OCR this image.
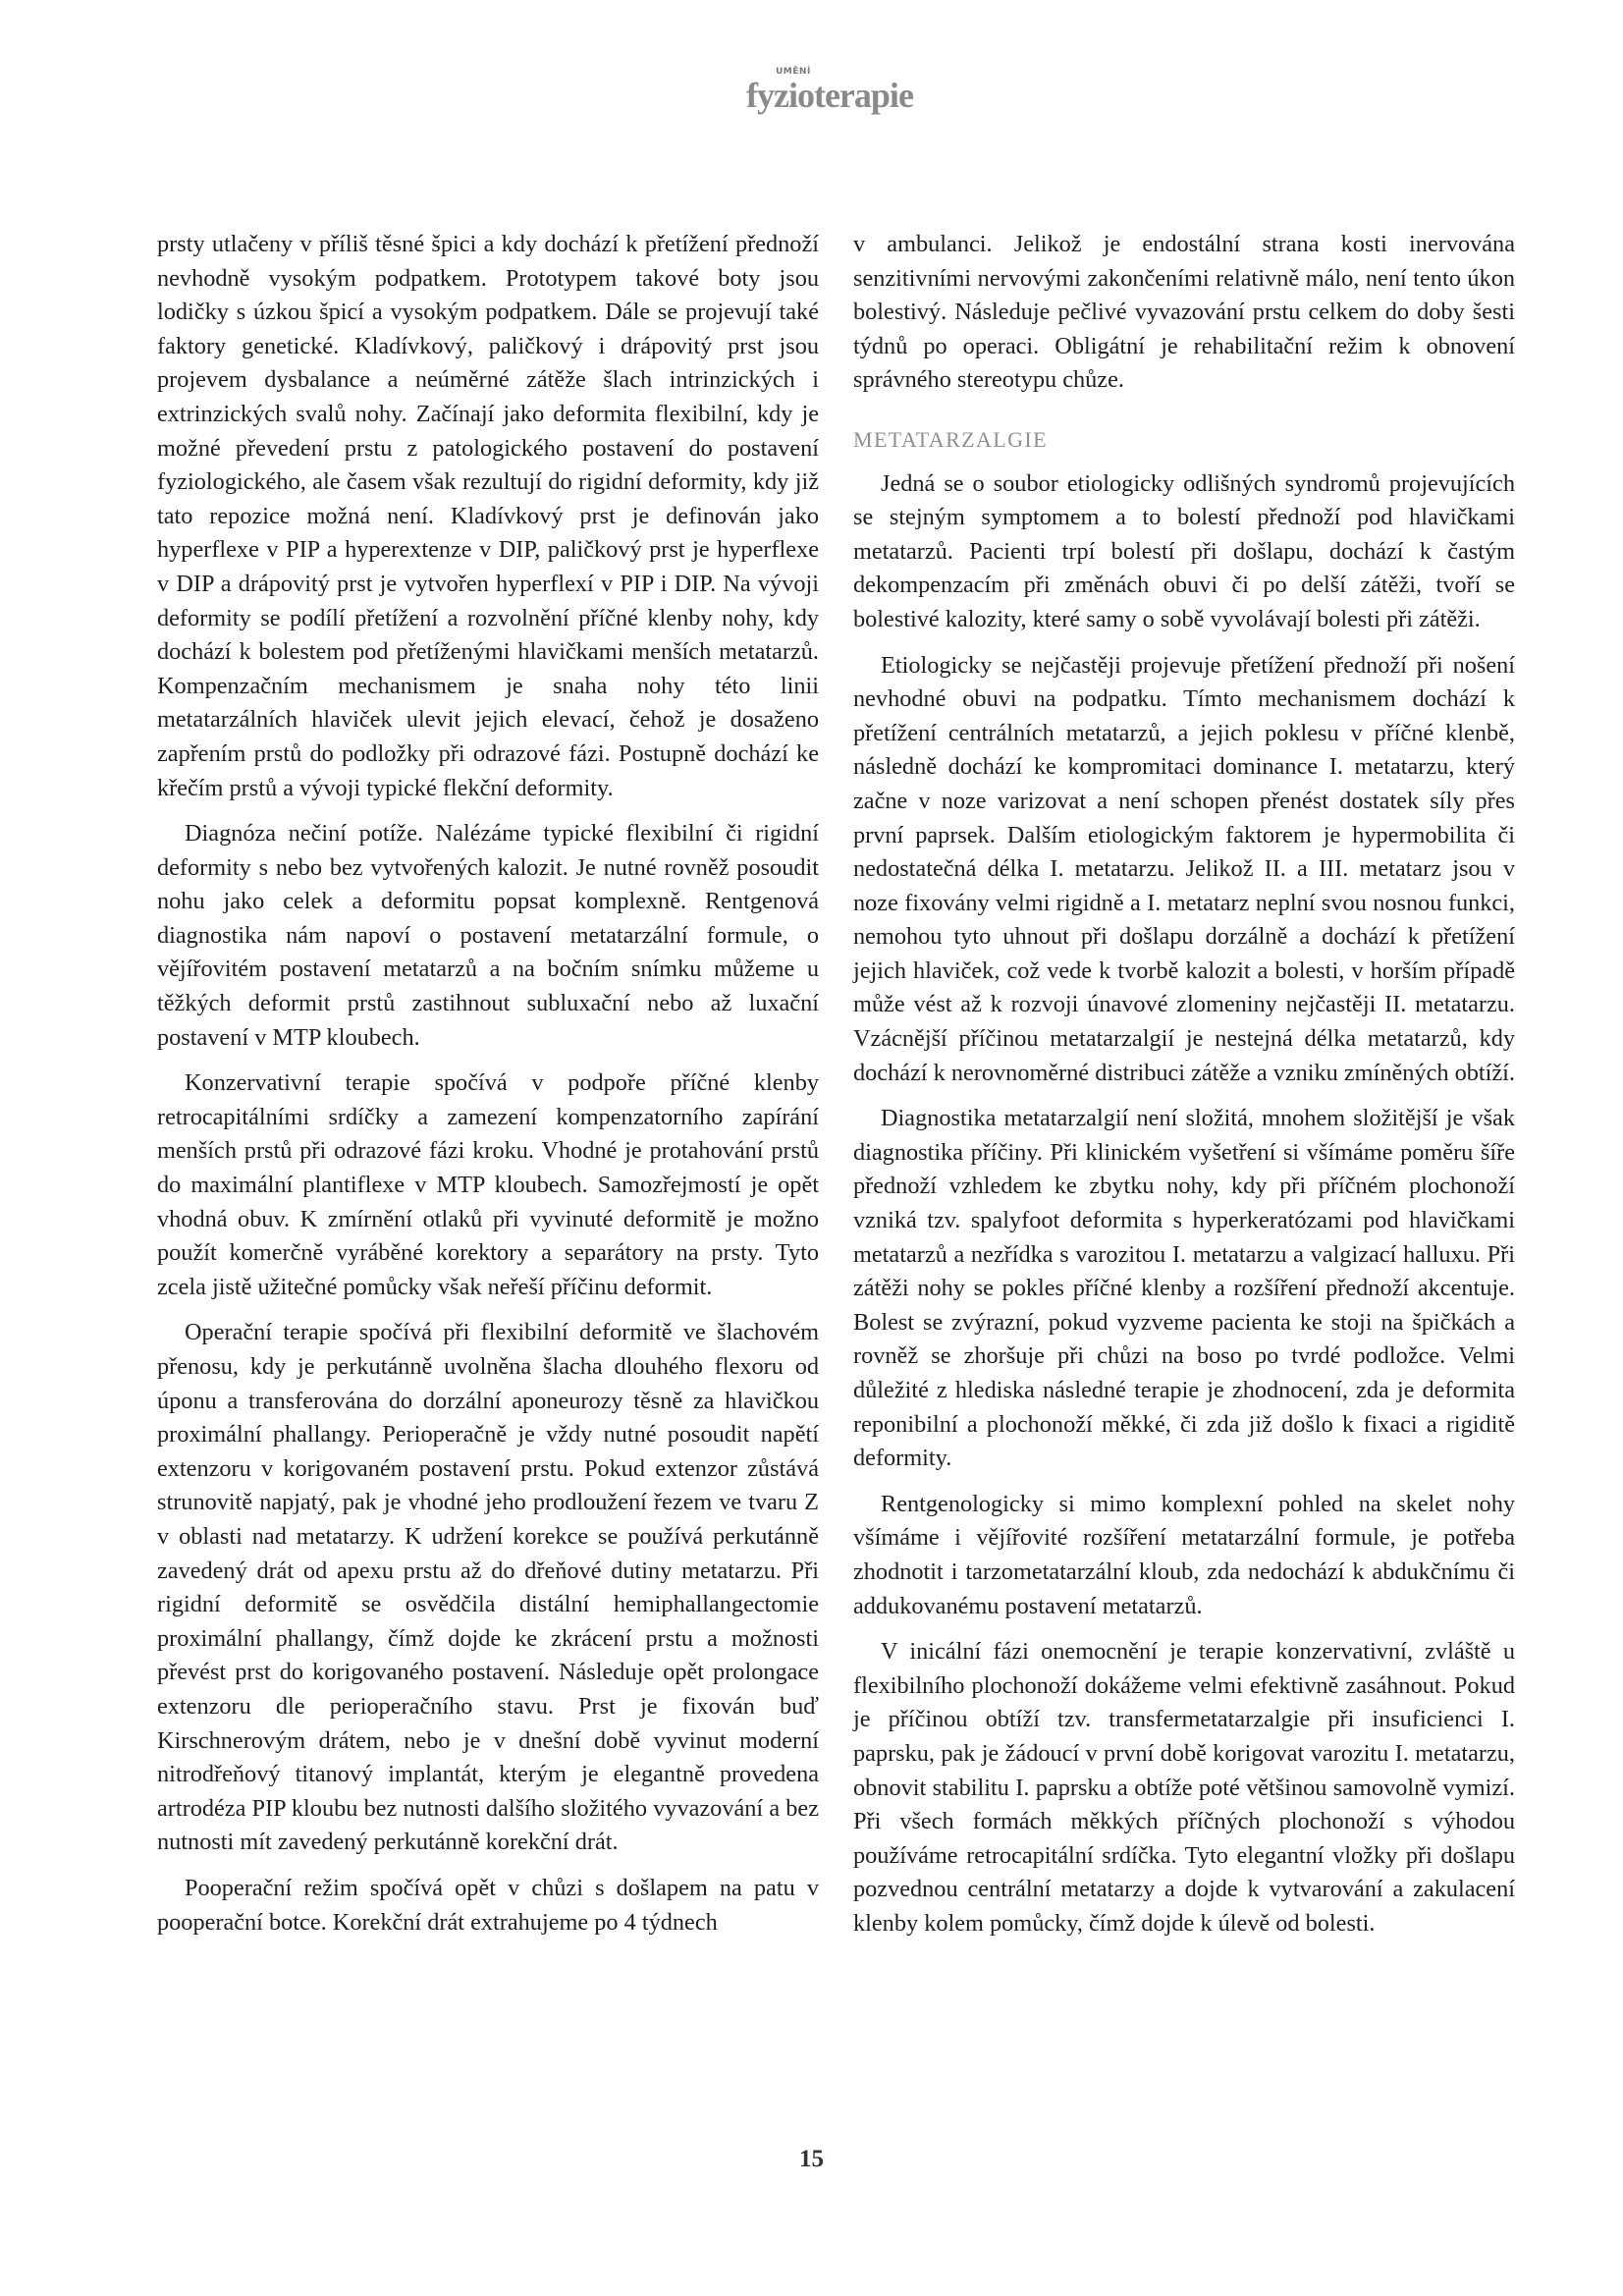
UMĚNÍ
fyzioterapie

prsty utlačeny v příliš těsné špici a kdy dochází k přetížení přednoží nevhodně vysokým podpatkem. Prototypem takové boty jsou lodičky s úzkou špicí a vysokým podpatkem. Dále se projevují také faktory genetické. Kladívkový, paličkový i drápovitý prst jsou projevem dysbalance a neúměrné zátěže šlach intrinzických i extrinzických svalů nohy. Začínají jako deformita flexibilní, kdy je možné převedení prstu z patologického postavení do postavení fyziologického, ale časem však rezultují do rigidní deformity, kdy již tato repozice možná není. Kladívkový prst je definován jako hyperflexe v PIP a hyperextenze v DIP, paličkový prst je hyperflexe v DIP a drápovitý prst je vytvořen hyperflexí v PIP i DIP. Na vývoji deformity se podílí přetížení a rozvolnění příčné klenby nohy, kdy dochází k bolestem pod přetíženými hlavičkami menších metatarzů. Kompenzačním mechanismem je snaha nohy této linii metatarzálních hlaviček ulevit jejich elevací, čehož je dosaženo zapřením prstů do podložky při odrazové fázi. Postupně dochází ke křečím prstů a vývoji typické flekční deformity.

Diagnóza nečiní potíže. Nalézáme typické flexibilní či rigidní deformity s nebo bez vytvořených kalozit. Je nutné rovněž posoudit nohu jako celek a deformitu popsat komplexně. Rentgenová diagnostika nám napoví o postavení metatarzální formule, o vějířovitém postavení metatarzů a na bočním snímku můžeme u těžkých deformit prstů zastihnout subluxační nebo až luxační postavení v MTP kloubech.

Konzervativní terapie spočívá v podpoře příčné klenby retrocapitálními srdíčky a zamezení kompenzatorního zapírání menších prstů při odrazové fázi kroku. Vhodné je protahování prstů do maximální plantiflexe v MTP kloubech. Samozřejmostí je opět vhodná obuv. K zmírnění otlaků při vyvinuté deformitě je možno použít komerčně vyráběné korektory a separátory na prsty. Tyto zcela jistě užitečné pomůcky však neřeší příčinu deformit.

Operační terapie spočívá při flexibilní deformitě ve šlachovém přenosu, kdy je perkutánně uvolněna šlacha dlouhého flexoru od úponu a transferována do dorzální aponeurozy těsně za hlavičkou proximální phallangy. Perioperačně je vždy nutné posoudit napětí extenzoru v korigovaném postavení prstu. Pokud extenzor zůstává strunovitě napjatý, pak je vhodné jeho prodloužení řezem ve tvaru Z v oblasti nad metatarzy. K udržení korekce se používá perkutánně zavedený drát od apexu prstu až do dřeňové dutiny metatarzu. Při rigidní deformitě se osvědčila distální hemiphallangectomie proximální phallangy, čímž dojde ke zkrácení prstu a možnosti převést prst do korigovaného postavení. Následuje opět prolongace extenzoru dle perioperačního stavu. Prst je fixován buď Kirschnerovým drátem, nebo je v dnešní době vyvinut moderní nitrodřeňový titanový implantát, kterým je elegantně provedena artrodéza PIP kloubu bez nutnosti dalšího složitého vyvazování a bez nutnosti mít zavedený perkutánně korekční drát.

Pooperační režim spočívá opět v chůzi s došlapem na patu v pooperační botce. Korekční drát extrahujeme po 4 týdnech

v ambulanci. Jelikož je endostální strana kosti inervována senzitivními nervovými zakončeními relativně málo, není tento úkon bolestivý. Následuje pečlivé vyvazování prstu celkem do doby šesti týdnů po operaci. Obligátní je rehabilitační režim k obnovení správného stereotypu chůze.

METATARZALGIE

Jedná se o soubor etiologicky odlišných syndromů projevujících se stejným symptomem a to bolestí přednoží pod hlavičkami metatarzů. Pacienti trpí bolestí při došlapu, dochází k častým dekompenzacím při změnách obuvi či po delší zátěži, tvoří se bolestivé kalozity, které samy o sobě vyvolávají bolesti při zátěži.

Etiologicky se nejčastěji projevuje přetížení přednoží při nošení nevhodné obuvi na podpatku. Tímto mechanismem dochází k přetížení centrálních metatarzů, a jejich poklesu v příčné klenbě, následně dochází ke kompromitaci dominance I. metatarzu, který začne v noze varizovat a není schopen přenést dostatek síly přes první paprsek. Dalším etiologickým faktorem je hypermobilita či nedostatečná délka I. metatarzu. Jelikož II. a III. metatarz jsou v noze fixovány velmi rigidně a I. metatarz neplní svou nosnou funkci, nemohou tyto uhnout při došlapu dorzálně a dochází k přetížení jejich hlaviček, což vede k tvorbě kalozit a bolesti, v horším případě může vést až k rozvoji únavové zlomeniny nejčastěji II. metatarzu. Vzácnější příčinou metatarzalgií je nestejná délka metatarzů, kdy dochází k nerovnoměrné distribuci zátěže a vzniku zmíněných obtíží.

Diagnostika metatarzalgií není složitá, mnohem složitější je však diagnostika příčiny. Při klinickém vyšetření si všímáme poměru šíře přednoží vzhledem ke zbytku nohy, kdy při příčném plochonoží vzniká tzv. spalyfoot deformita s hyperkeratózami pod hlavičkami metatarzů a nezřídka s varozitou I. metatarzu a valgizací halluxu. Při zátěži nohy se pokles příčné klenby a rozšíření přednoží akcentuje. Bolest se zvýrazní, pokud vyzveme pacienta ke stoji na špičkách a rovněž se zhoršuje při chůzi na boso po tvrdé podložce. Velmi důležité z hlediska následné terapie je zhodnocení, zda je deformita reponibilní a plochonoží měkké, či zda již došlo k fixaci a rigiditě deformity.

Rentgenologicky si mimo komplexní pohled na skelet nohy všímáme i vějířovité rozšíření metatarzální formule, je potřeba zhodnotit i tarzometatarzální kloub, zda nedochází k abdukčnímu či addukovanému postavení metatarzů.

V inicální fázi onemocnění je terapie konzervativní, zvláště u flexibilního plochonoží dokážeme velmi efektivně zasáhnout. Pokud je příčinou obtíží tzv. transfermetatarzalgie při insuficienci I. paprsku, pak je žádoucí v první době korigovat varozitu I. metatarzu, obnovit stabilitu I. paprsku a obtíže poté většinou samovolně vymizí. Při všech formách měkkých příčných plochonoží s výhodou používáme retrocapitální srdíčka. Tyto elegantní vložky při došlapu pozvednou centrální metatarzy a dojde k vytvarování a zakulacení klenby kolem pomůcky, čímž dojde k úlevě od bolesti.

15
